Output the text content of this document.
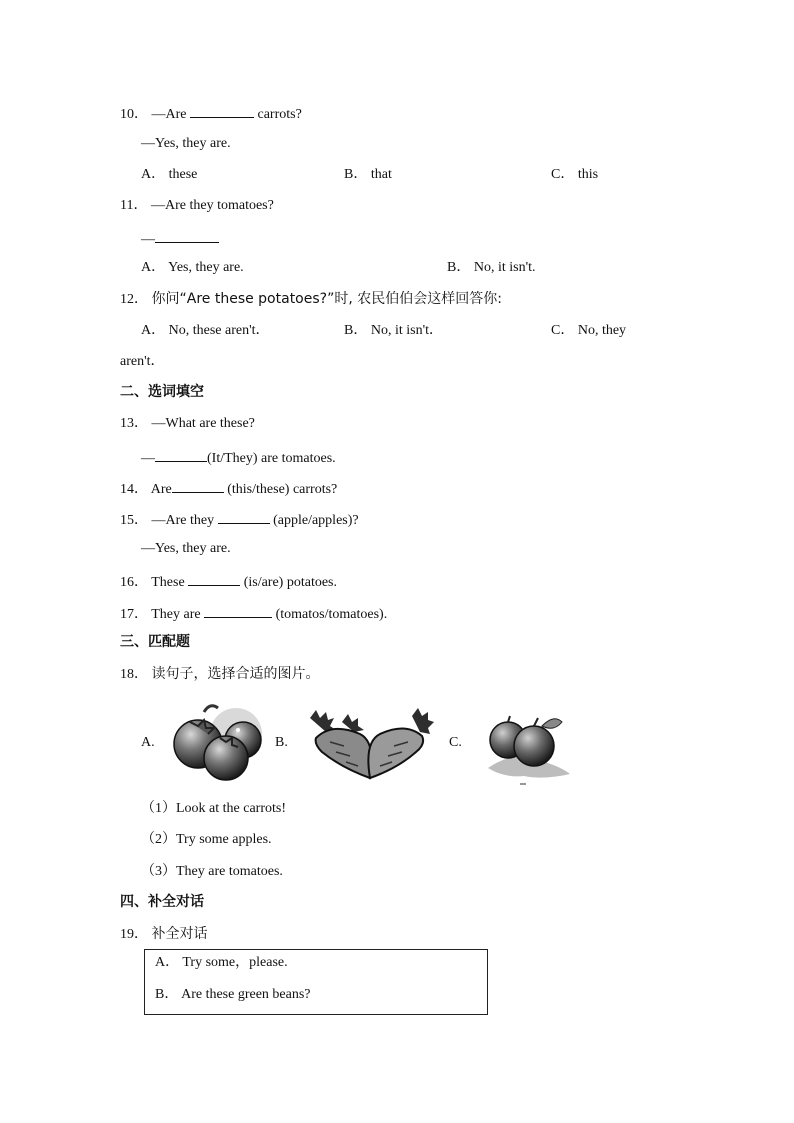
10． —Are	carrots?
—Yes, they are.
A． these	B． that	C． this
11． —Are they tomatoes?
—
A． Yes, they are.	B． No, it isn't.
12． 你问“Are these potatoes?”时, 农民伯伯会这样回答你:
A． No, these aren't．	B． No, it isn't．	C． No, they
aren't．
二、选词填空
13． —What are these?
—	(It/They) are tomatoes.
14． Are	(this/these) carrots?
15． —Are they	(apple/apples)?
—Yes, they are.
16． These	(is/are) potatoes.
17． They are	(tomatos/tomatoes).
三、匹配题
18． 读句子，选择合适的图片。
A.	B.	C.
（1）Look at the carrots!
（2）Try some apples.
（3）They are tomatoes.
四、补全对话
19． 补全对话
A． Try some，please.
B． Are these green beans?
